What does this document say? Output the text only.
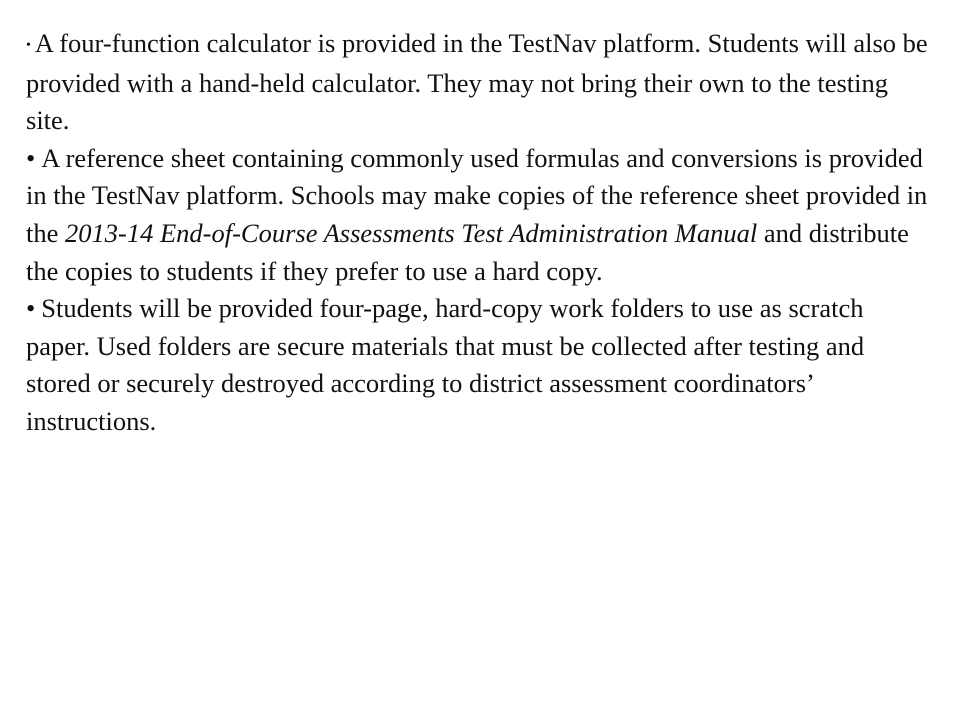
• A four-function calculator is provided in the TestNav platform. Students will also be provided with a hand-held calculator. They may not bring their own to the testing site.
• A reference sheet containing commonly used formulas and conversions is provided in the TestNav platform. Schools may make copies of the reference sheet provided in the 2013-14 End-of-Course Assessments Test Administration Manual and distribute the copies to students if they prefer to use a hard copy.
• Students will be provided four-page, hard-copy work folders to use as scratch paper. Used folders are secure materials that must be collected after testing and stored or securely destroyed according to district assessment coordinators’ instructions.
